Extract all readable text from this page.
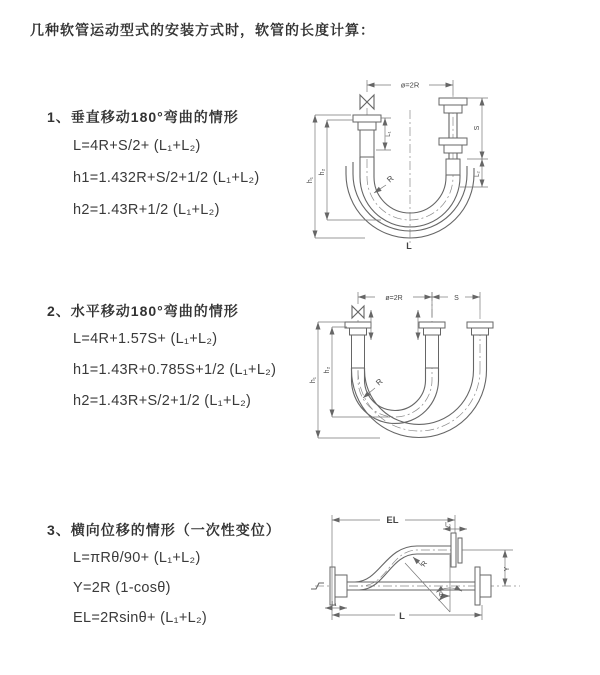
几种软管运动型式的安装方式时，软管的长度计算：
1、垂直移动180°弯曲的情形
L=4R+S/2+ (L₁+L₂)
h1=1.432R+S/2+1/2 (L₁+L₂)
h2=1.43R+1/2 (L₁+L₂)
2、水平移动180°弯曲的情形
L=4R+1.57S+ (L₁+L₂)
h1=1.43R+0.785S+1/2 (L₁+L₂)
h2=1.43R+S/2+1/2 (L₁+L₂)
3、横向位移的情形（一次性变位）
L=πRθ/90+ (L₁+L₂)
Y=2R (1-cosθ)
EL=2Rsinθ+ (L₁+L₂)
ø=2R
h₁
h₂
L₁
S
L₂
R
L
ø=2R	S
h₁
h₂
R
EL	L₂
Y
R
θ
L
L₁
